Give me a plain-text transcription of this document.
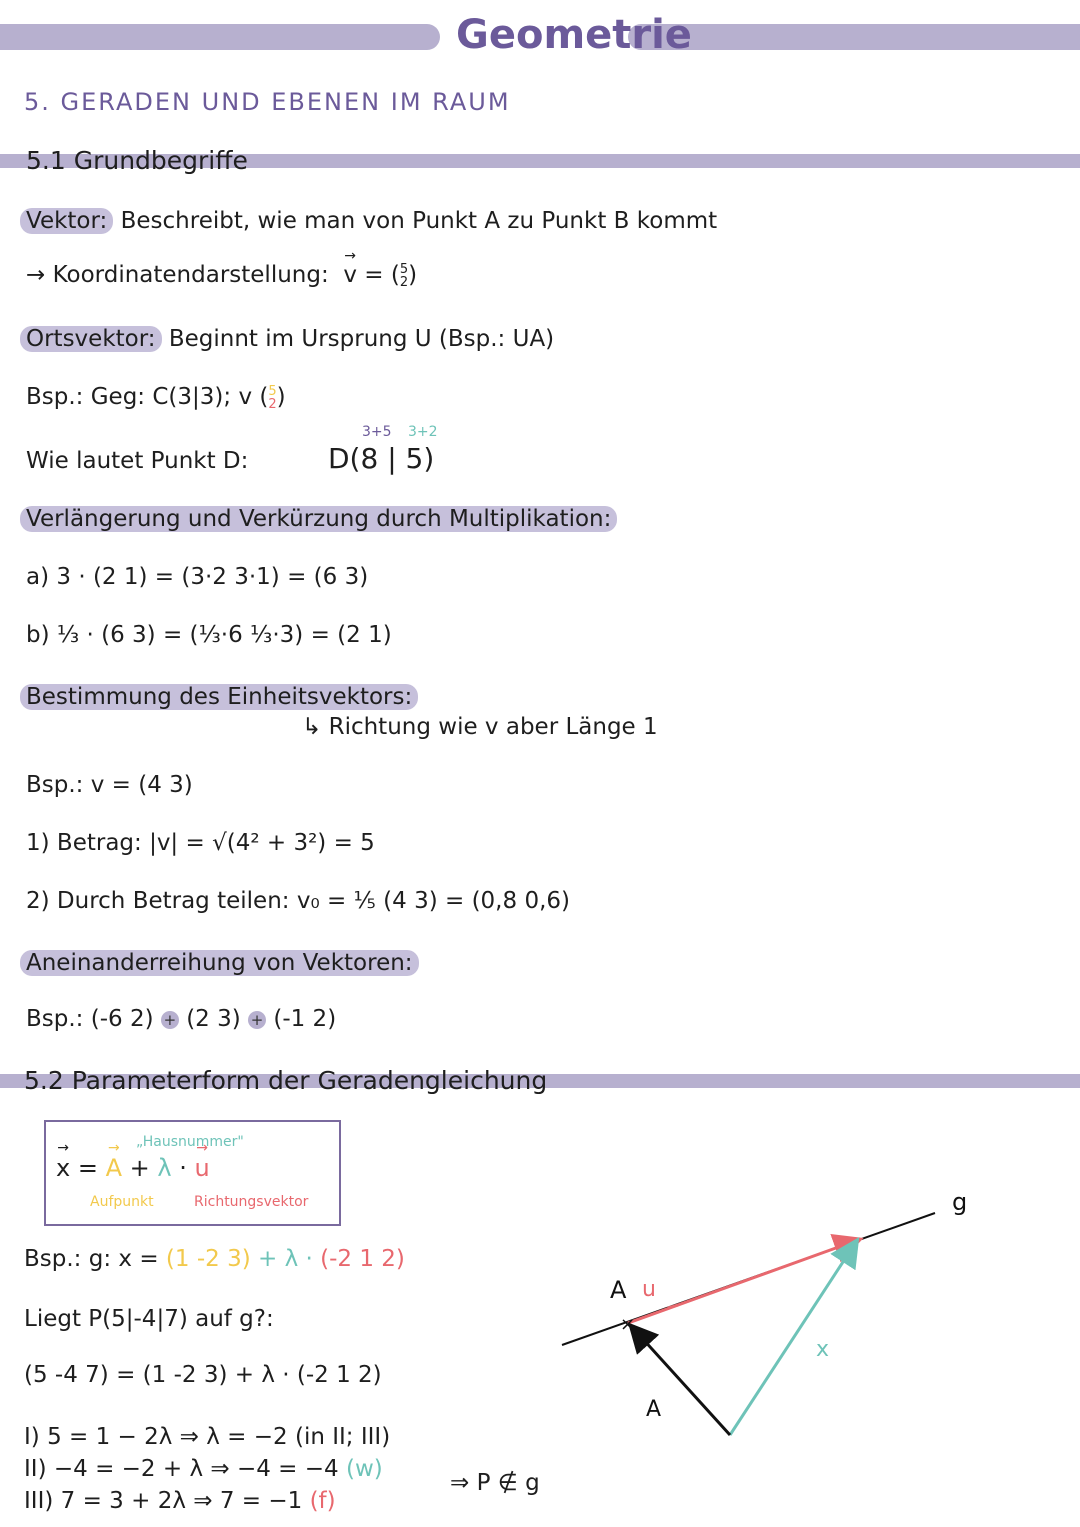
Geometrie
5. GERADEN UND EBENEN IM RAUM
5.1 Grundbegriffe
Vektor: Beschreibt, wie man von Punkt A zu Punkt B kommt
→ Koordinatendarstellung: → v = ( 5
2 )
Ortsvektor: Beginnt im Ursprung U (Bsp.: UA)
Bsp.: Geg: C(3|3); v ( 5
2 )
Wie lautet Punkt D:
3+5 3+2
D(8 | 5)
Verlängerung und Verkürzung durch Multiplikation:
a) 3 · (2 1) = (3·2 3·1) = (6 3)
b) ⅓ · (6 3) = (⅓·6 ⅓·3) = (2 1)
Bestimmung des Einheitsvektors:
↳ Richtung wie v aber Länge 1
Bsp.: v = (4 3)
1) Betrag: |v| = √(4² + 3²) = 5
2) Durch Betrag teilen: v₀ = ⅕ (4 3) = (0,8 0,6)
Aneinanderreihung von Vektoren:
Bsp.: (-6 2) + (2 3) + (-1 2)
5.2 Parameterform der Geradengleichung
„Hausnummer"
→ x = → A + λ · → u
Aufpunkt	Richtungsvektor
Bsp.: g: x = (1 -2 3) + λ · (-2 1 2)
Liegt P(5|-4|7) auf g?:
(5 -4 7) = (1 -2 3) + λ · (-2 1 2)
I) 5 = 1 − 2λ ⇒ λ = −2 (in II; III)
II) −4 = −2 + λ ⇒ −4 = −4 (w)
III) 7 = 3 + 2λ ⇒ 7 = −1 (f)
⇒ P ∉ g
×
g
A u
x
A
